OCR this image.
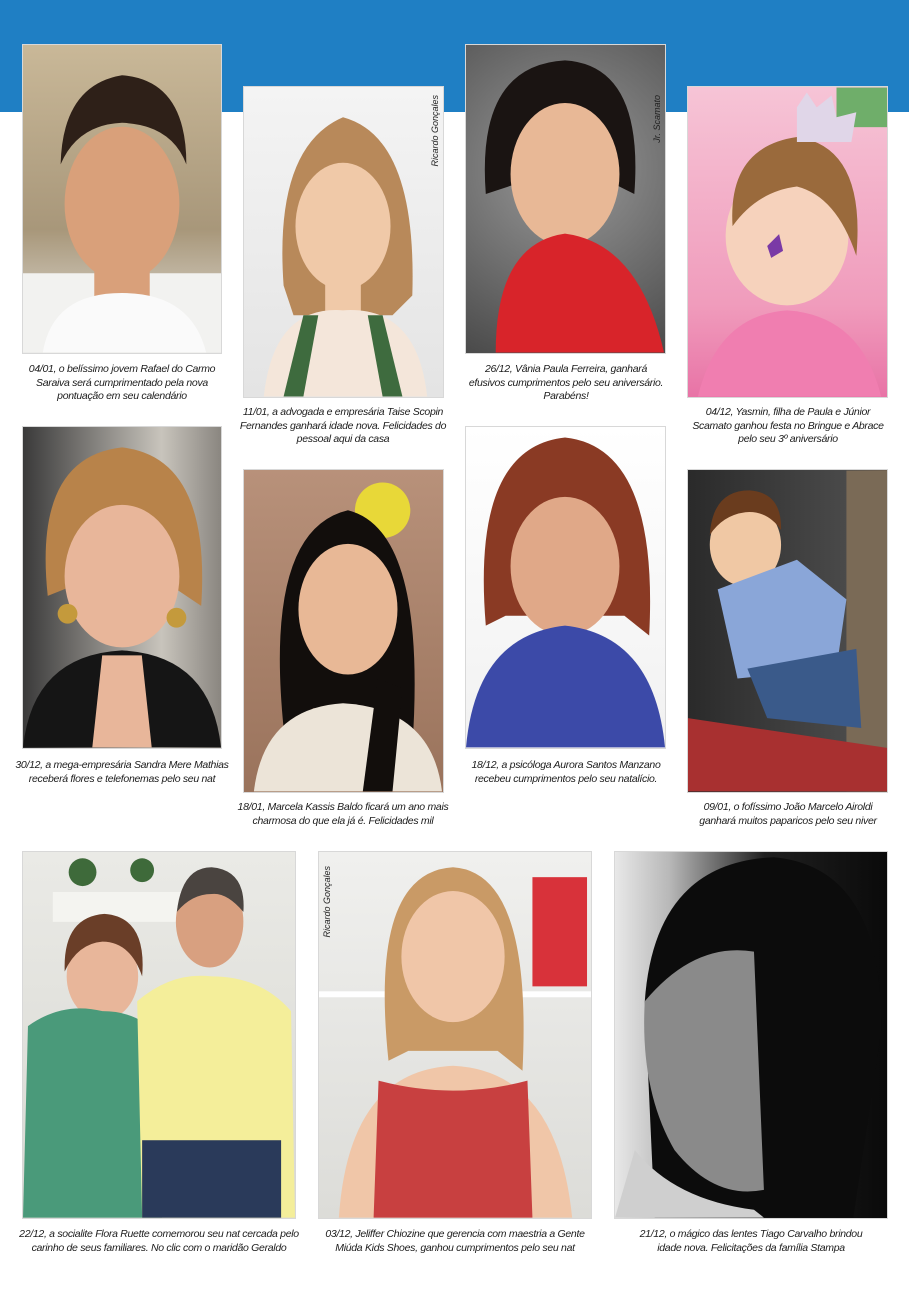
Ricardo Gonçales	Jr. Scamato
04/01, o belíssimo jovem Rafael do Carmo
Saraiva será cumprimentado pela nova
pontuação em seu calendário
11/01, a advogada e empresária Taise Scopin
Fernandes ganhará idade nova. Felicidades do
pessoal aqui da casa
26/12, Vânia Paula Ferreira, ganhará
efusivos cumprimentos pelo seu aniversário.
Parabéns!
04/12, Yasmin, filha de Paula e Júnior
Scamato ganhou festa no Bringue e Abrace
pelo seu 3º aniversário
30/12, a mega-empresária Sandra Mere Mathias
receberá flores e telefonemas pelo seu nat
18/01, Marcela Kassis Baldo ficará um ano mais
charmosa do que ela já é. Felicidades mil
18/12, a psicóloga Aurora Santos Manzano
recebeu cumprimentos pelo seu natalício.
09/01, o fofíssimo João Marcelo Airoldi
ganhará muitos paparicos pelo seu niver
Ricardo Gonçales
22/12, a socialite Flora Ruette comemorou seu nat cercada pelo
carinho de seus familiares. No clic com o maridão Geraldo
03/12, Jeliffer Chiozine que gerencia com maestria a Gente
Miúda Kids Shoes, ganhou cumprimentos pelo seu nat
21/12, o mágico das lentes Tiago Carvalho brindou
idade nova. Felicitações da família Stampa
